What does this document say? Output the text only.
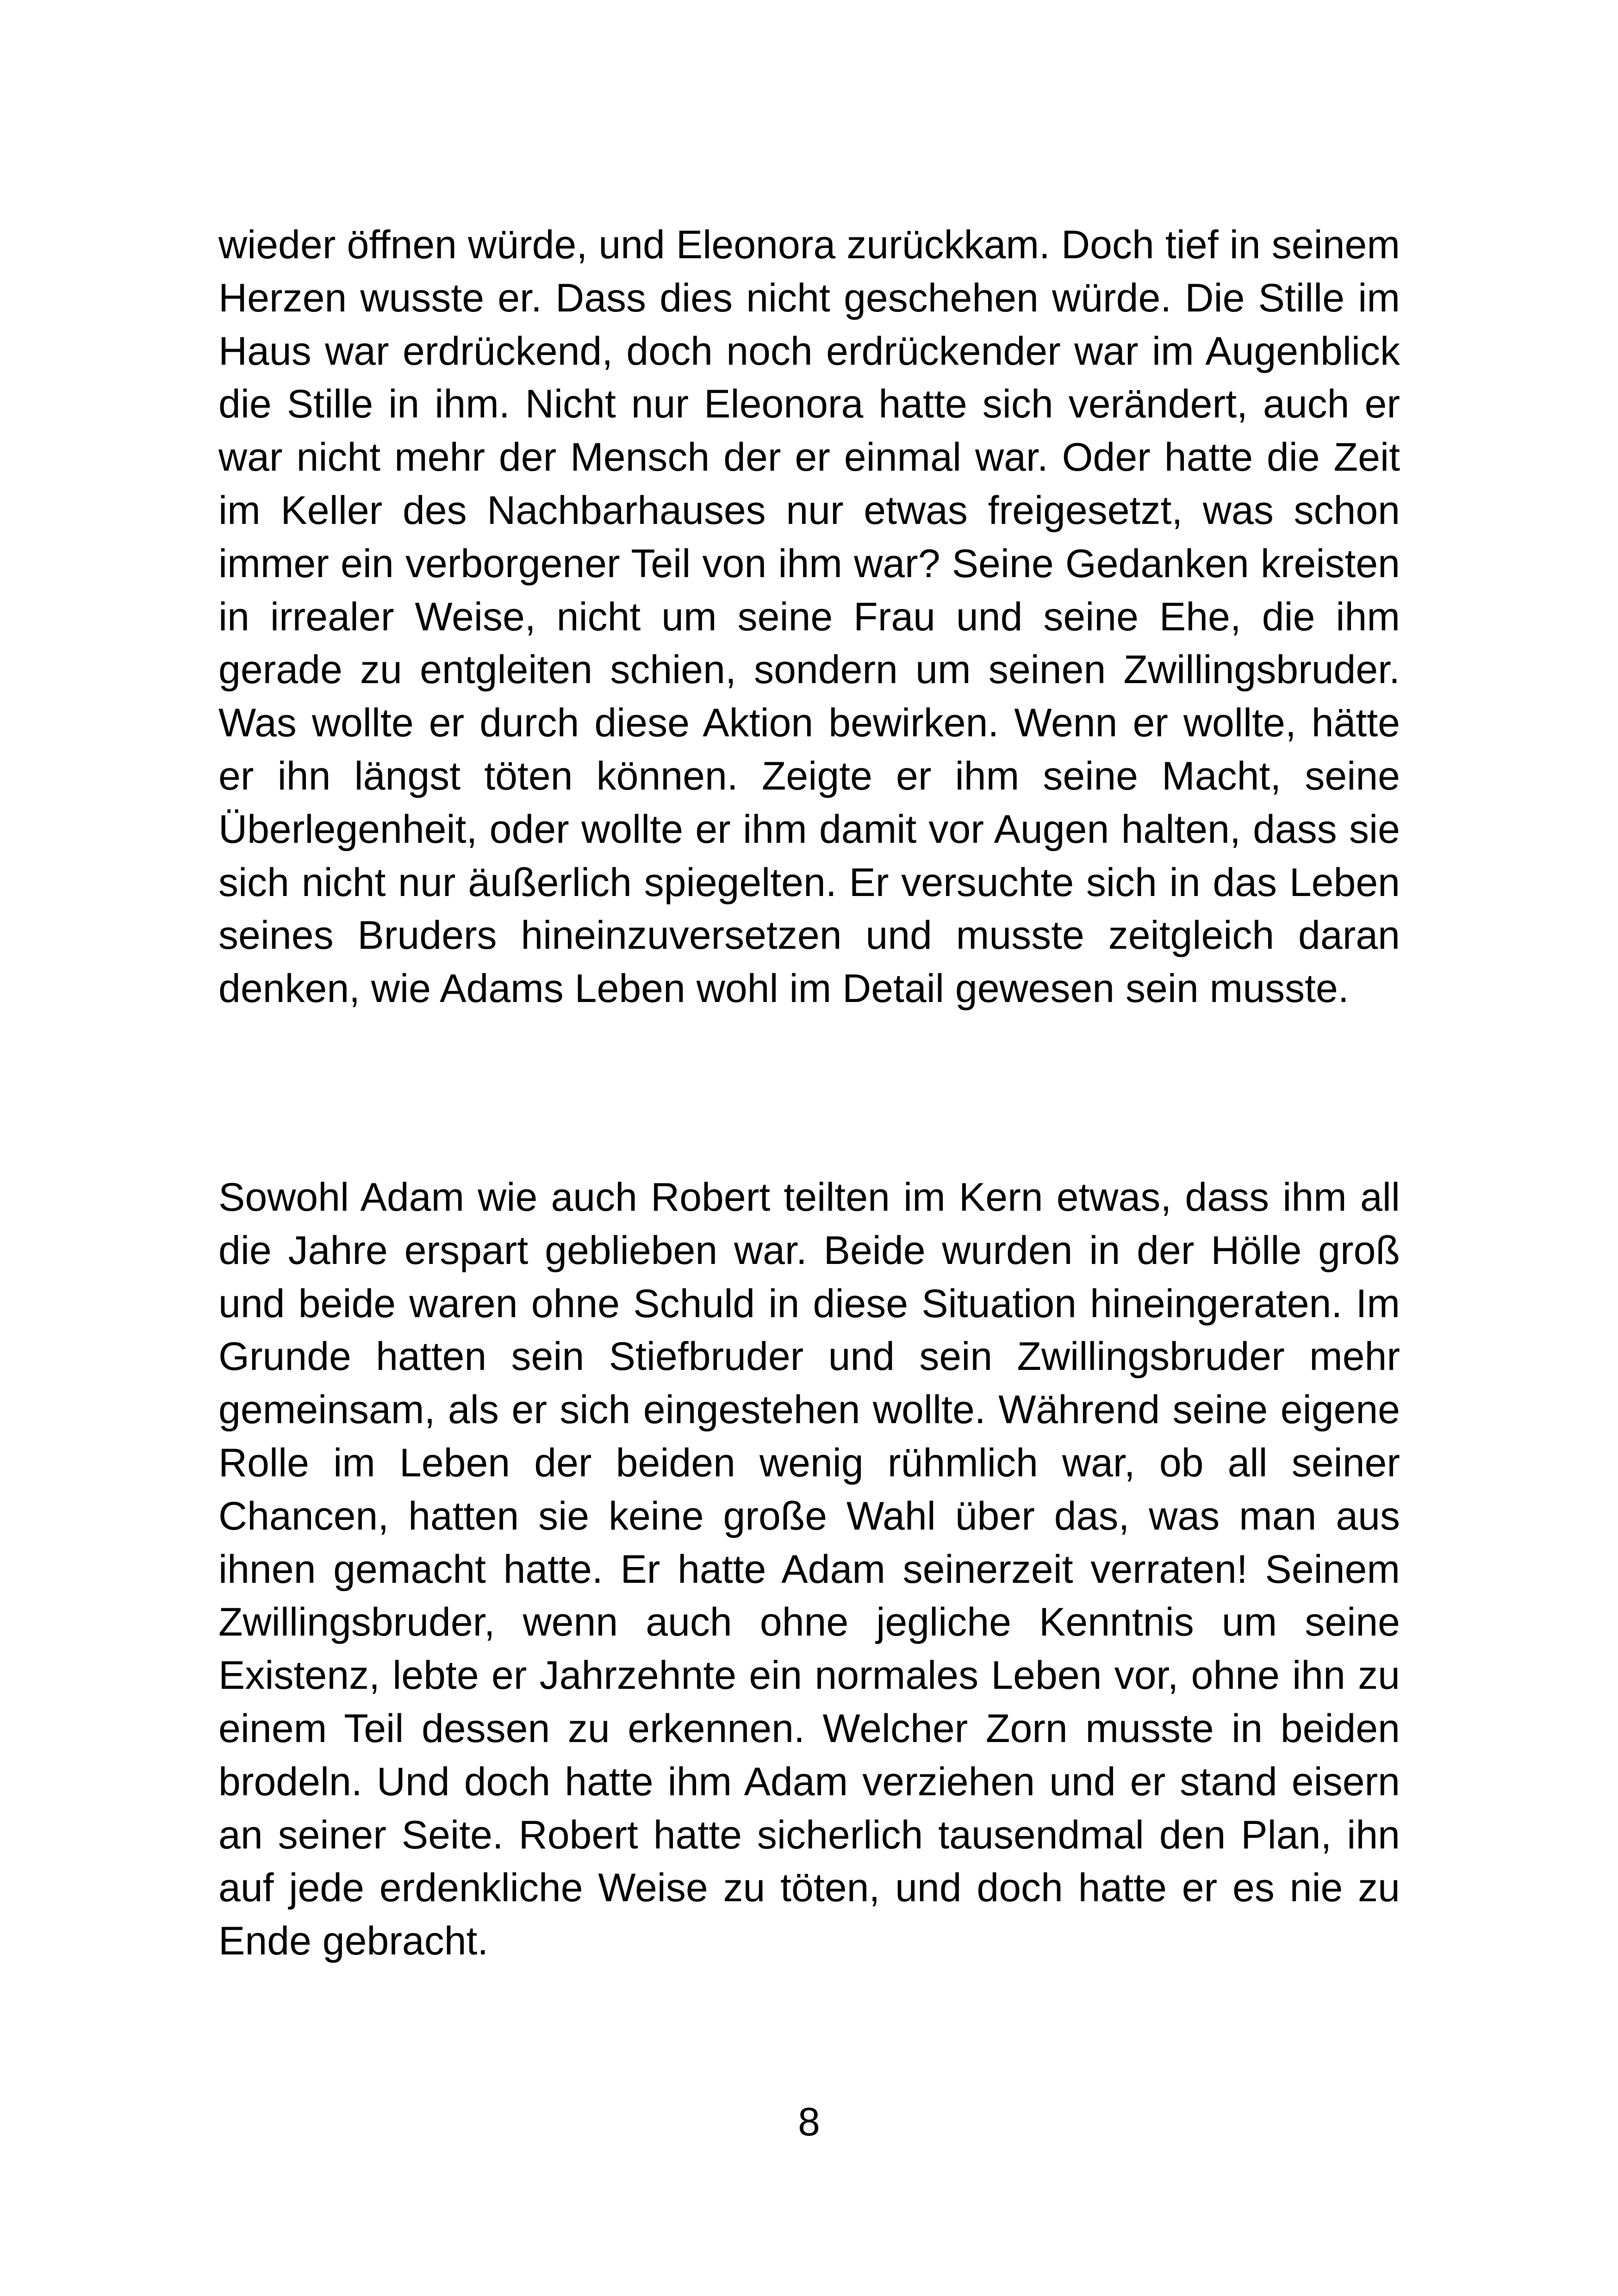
wieder öffnen würde, und Eleonora zurückkam. Doch tief in seinem Herzen wusste er. Dass dies nicht geschehen würde. Die Stille im Haus war erdrückend, doch noch erdrückender war im Augenblick die Stille in ihm. Nicht nur Eleonora hatte sich verändert, auch er war nicht mehr der Mensch der er einmal war. Oder hatte die Zeit im Keller des Nachbarhauses nur etwas freigesetzt, was schon immer ein verborgener Teil von ihm war? Seine Gedanken kreisten in irrealer Weise, nicht um seine Frau und seine Ehe, die ihm gerade zu entgleiten schien, sondern um seinen Zwillingsbruder. Was wollte er durch diese Aktion bewirken. Wenn er wollte, hätte er ihn längst töten können. Zeigte er ihm seine Macht, seine Überlegenheit, oder wollte er ihm damit vor Augen halten, dass sie sich nicht nur äußerlich spiegelten. Er versuchte sich in das Leben seines Bruders hineinzuversetzen und musste zeitgleich daran denken, wie Adams Leben wohl im Detail gewesen sein musste.

Sowohl Adam wie auch Robert teilten im Kern etwas, dass ihm all die Jahre erspart geblieben war. Beide wurden in der Hölle groß und beide waren ohne Schuld in diese Situation hineingeraten. Im Grunde hatten sein Stiefbruder und sein Zwillingsbruder mehr gemeinsam, als er sich eingestehen wollte. Während seine eigene Rolle im Leben der beiden wenig rühmlich war, ob all seiner Chancen, hatten sie keine große Wahl über das, was man aus ihnen gemacht hatte. Er hatte Adam seinerzeit verraten! Seinem Zwillingsbruder, wenn auch ohne jegliche Kenntnis um seine Existenz, lebte er Jahrzehnte ein normales Leben vor, ohne ihn zu einem Teil dessen zu erkennen. Welcher Zorn musste in beiden brodeln. Und doch hatte ihm Adam verziehen und er stand eisern an seiner Seite. Robert hatte sicherlich tausendmal den Plan, ihn auf jede erdenkliche Weise zu töten, und doch hatte er es nie zu Ende gebracht.

8
